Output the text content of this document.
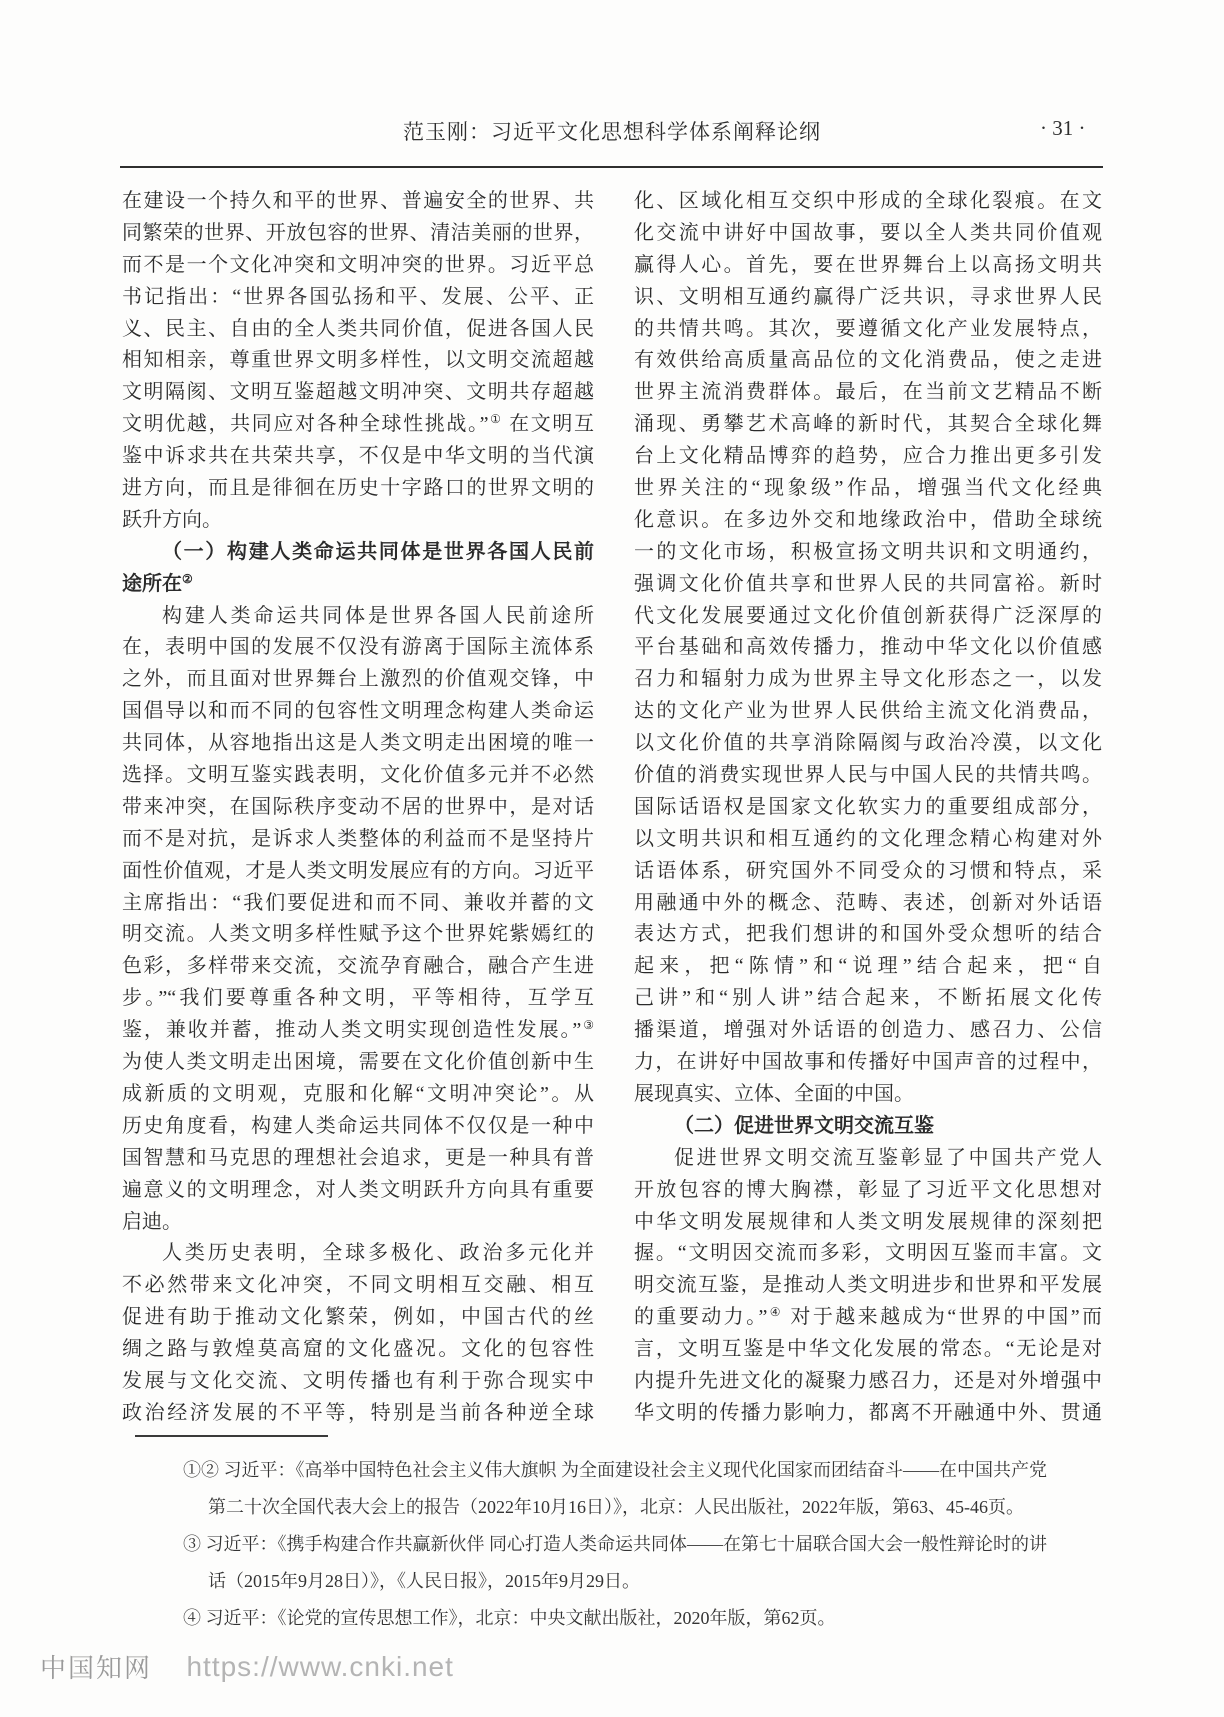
范玉刚：习近平文化思想科学体系阐释论纲	· 31 ·
在建设一个持久和平的世界、普遍安全的世界、共
同繁荣的世界、开放包容的世界、清洁美丽的世界，
而不是一个文化冲突和文明冲突的世界。习近平总
书记指出：“世界各国弘扬和平、发展、公平、正
义、民主、自由的全人类共同价值，促进各国人民
相知相亲，尊重世界文明多样性，以文明交流超越
文明隔阂、文明互鉴超越文明冲突、文明共存超越
文明优越，共同应对各种全球性挑战。”① 在文明互
鉴中诉求共在共荣共享，不仅是中华文明的当代演
进方向，而且是徘徊在历史十字路口的世界文明的
跃升方向。
（一）构建人类命运共同体是世界各国人民前
途所在②
构建人类命运共同体是世界各国人民前途所
在，表明中国的发展不仅没有游离于国际主流体系
之外，而且面对世界舞台上激烈的价值观交锋，中
国倡导以和而不同的包容性文明理念构建人类命运
共同体，从容地指出这是人类文明走出困境的唯一
选择。文明互鉴实践表明，文化价值多元并不必然
带来冲突，在国际秩序变动不居的世界中，是对话
而不是对抗，是诉求人类整体的利益而不是坚持片
面性价值观，才是人类文明发展应有的方向。习近平
主席指出：“我们要促进和而不同、兼收并蓄的文
明交流。人类文明多样性赋予这个世界姹紫嫣红的
色彩，多样带来交流，交流孕育融合，融合产生进
步。”“我们要尊重各种文明，平等相待，互学互
鉴，兼收并蓄，推动人类文明实现创造性发展。”③
为使人类文明走出困境，需要在文化价值创新中生
成新质的文明观，克服和化解“文明冲突论”。从
历史角度看，构建人类命运共同体不仅仅是一种中
国智慧和马克思的理想社会追求，更是一种具有普
遍意义的文明理念，对人类文明跃升方向具有重要
启迪。
人类历史表明，全球多极化、政治多元化并
不必然带来文化冲突，不同文明相互交融、相互
促进有助于推动文化繁荣，例如，中国古代的丝
绸之路与敦煌莫高窟的文化盛况。文化的包容性
发展与文化交流、文明传播也有利于弥合现实中
政治经济发展的不平等，特别是当前各种逆全球
化、区域化相互交织中形成的全球化裂痕。在文
化交流中讲好中国故事，要以全人类共同价值观
赢得人心。首先，要在世界舞台上以高扬文明共
识、文明相互通约赢得广泛共识，寻求世界人民
的共情共鸣。其次，要遵循文化产业发展特点，
有效供给高质量高品位的文化消费品，使之走进
世界主流消费群体。最后，在当前文艺精品不断
涌现、勇攀艺术高峰的新时代，其契合全球化舞
台上文化精品博弈的趋势，应合力推出更多引发
世界关注的“现象级”作品，增强当代文化经典
化意识。在多边外交和地缘政治中，借助全球统
一的文化市场，积极宣扬文明共识和文明通约，
强调文化价值共享和世界人民的共同富裕。新时
代文化发展要通过文化价值创新获得广泛深厚的
平台基础和高效传播力，推动中华文化以价值感
召力和辐射力成为世界主导文化形态之一，以发
达的文化产业为世界人民供给主流文化消费品，
以文化价值的共享消除隔阂与政治冷漠，以文化
价值的消费实现世界人民与中国人民的共情共鸣。
国际话语权是国家文化软实力的重要组成部分，
以文明共识和相互通约的文化理念精心构建对外
话语体系，研究国外不同受众的习惯和特点，采
用融通中外的概念、范畴、表述，创新对外话语
表达方式，把我们想讲的和国外受众想听的结合
起来，把“陈情”和“说理”结合起来，把“自
己讲”和“别人讲”结合起来，不断拓展文化传
播渠道，增强对外话语的创造力、感召力、公信
力，在讲好中国故事和传播好中国声音的过程中，
展现真实、立体、全面的中国。
（二）促进世界文明交流互鉴
促进世界文明交流互鉴彰显了中国共产党人
开放包容的博大胸襟，彰显了习近平文化思想对
中华文明发展规律和人类文明发展规律的深刻把
握。“文明因交流而多彩，文明因互鉴而丰富。文
明交流互鉴，是推动人类文明进步和世界和平发展
的重要动力。”④ 对于越来越成为“世界的中国”而
言，文明互鉴是中华文化发展的常态。“无论是对
内提升先进文化的凝聚力感召力，还是对外增强中
华文明的传播力影响力，都离不开融通中外、贯通
①② 习近平：《高举中国特色社会主义伟大旗帜 为全面建设社会主义现代化国家而团结奋斗——在中国共产党
第二十次全国代表大会上的报告（2022年10月16日）》，北京：人民出版社，2022年版，第63、45-46页。
③ 习近平：《携手构建合作共赢新伙伴 同心打造人类命运共同体——在第七十届联合国大会一般性辩论时的讲
话（2015年9月28日）》，《人民日报》，2015年9月29日。
④ 习近平：《论党的宣传思想工作》，北京：中央文献出版社，2020年版，第62页。
中国知网 https://www.cnki.net
